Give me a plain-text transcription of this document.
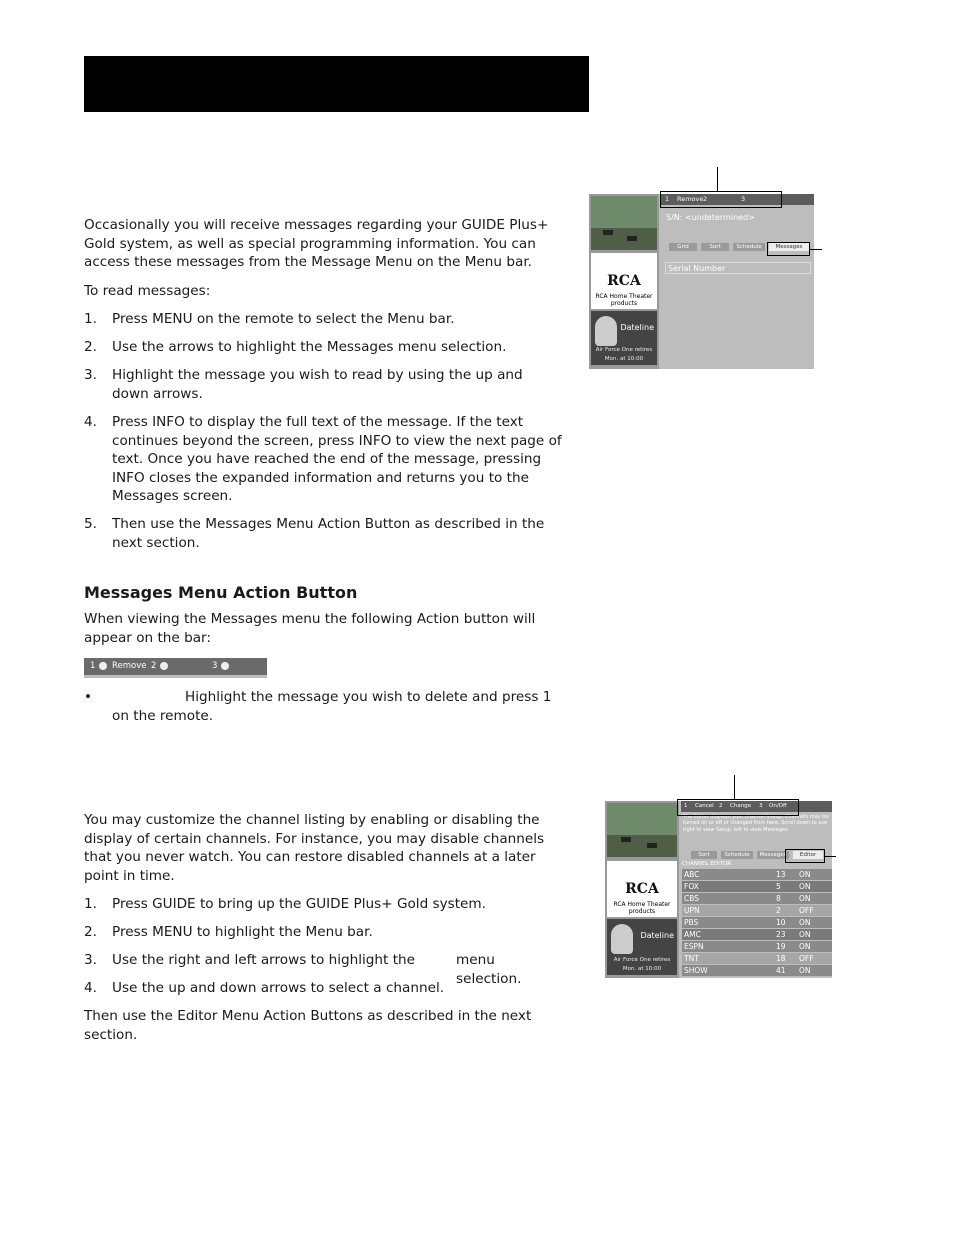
Occasionally you will receive messages regarding your GUIDE Plus+ Gold system, as well as special programming information. You can access these messages from the Message Menu on the Menu bar.

To read messages:

1. Press MENU on the remote to select the Menu bar.
2. Use the arrows to highlight the Messages menu selection.
3. Highlight the message you wish to read by using the up and down arrows.
4. Press INFO to display the full text of the message. If the text continues beyond the screen, press INFO to view the next page of text. Once you have reached the end of the message, pressing INFO closes the expanded information and returns you to the Messages screen.
5. Then use the Messages Menu Action Button as described in the next section.
Messages Menu Action Button

When viewing the Messages menu the following Action button will appear on the bar:

1 Remove 2	3
•	Highlight the message you wish to delete and press 1 on the remote.

You may customize the channel listing by enabling or disabling the display of certain channels. For instance, you may disable channels that you never watch. You can restore disabled channels at a later point in time.

1. Press GUIDE to bring up the GUIDE Plus+ Gold system.
2. Press MENU to highlight the Menu bar.
3. Use the right and left arrows to highlight the	menu selection.
4. Use the up and down arrows to select a channel.

Then use the Editor Menu Action Buttons as described in the next section.

RCA
RCA Home Theater products
Dateline
Air Force One retires
Mon. at 10:00
1 Remove 2	3
S/N: <undetermined>
Grid	Sort	Schedule	Messages
Serial Number
RCA
RCA Home Theater products
Dateline
Air Force One retires
Mon. at 10:00
1 Cancel 2 Change 3 On/Off
The Editor displays your channel lineup. Channels may be turned on or off or changed from here. Scroll down to use right to view Setup, left to view Messages.
Sort	Schedule	Messages	Editor
CHANNEL EDITOR
ABC	13 ON
FOX	5 ON
CBS	8 ON
UPN	2 OFF
PBS	10 ON
AMC	23 ON
ESPN	19 ON
TNT	18 OFF
SHOW	41 ON
